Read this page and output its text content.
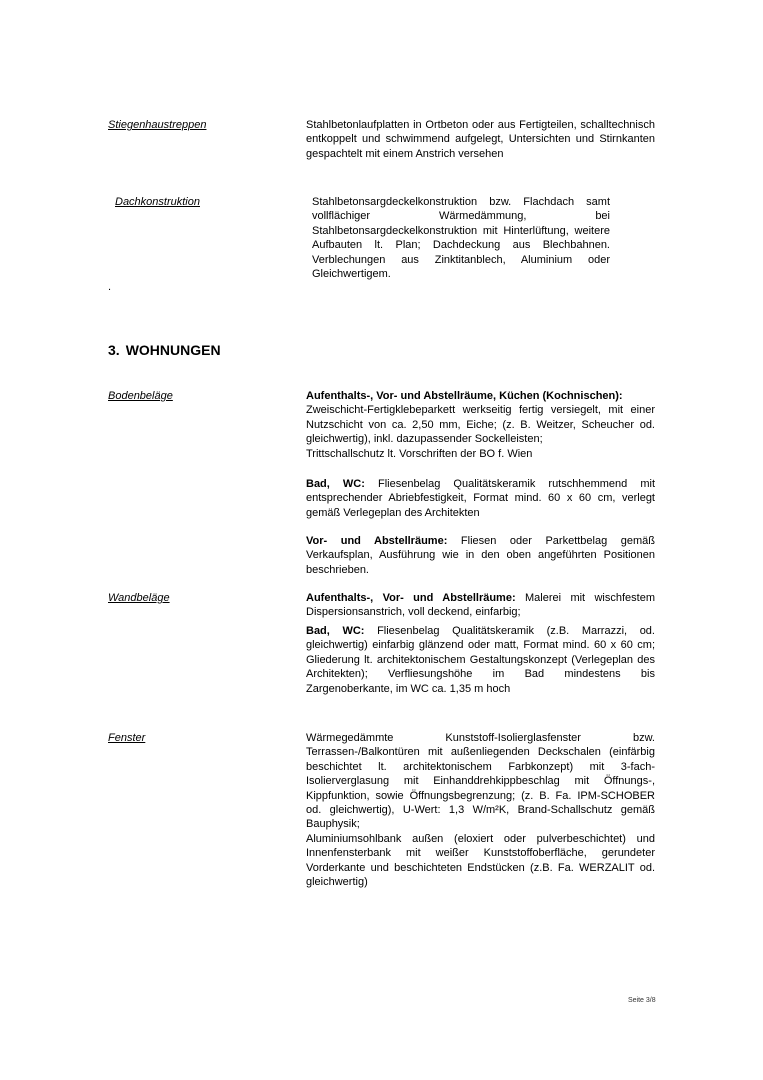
Stiegenhaustreppen	Stahlbetonlaufplatten in Ortbeton oder aus Fertigteilen, schalltechnisch entkoppelt und schwimmend aufgelegt, Untersichten und Stirnkanten gespachtelt mit einem Anstrich versehen
Dachkonstruktion	Stahlbetonsargdeckelkonstruktion bzw. Flachdach samt vollflächiger Wärmedämmung, bei Stahlbetonsargdeckelkonstruktion mit Hinterlüftung, weitere Aufbauten lt. Plan; Dachdeckung aus Blechbahnen. Verblechungen aus Zinktitanblech, Aluminium oder Gleichwertigem.
.
3. WOHNUNGEN
Bodenbeläge	Aufenthalts-, Vor- und Abstellräume, Küchen (Kochnischen):
Zweischicht-Fertigklebeparkett werkseitig fertig versiegelt, mit einer Nutzschicht von ca. 2,50 mm, Eiche; (z. B. Weitzer, Scheucher od. gleichwertig), inkl. dazupassender Sockelleisten;
Trittschallschutz lt. Vorschriften der BO f. Wien
Bad, WC: Fliesenbelag Qualitätskeramik rutschhemmend mit entsprechender Abriebfestigkeit, Format mind. 60 x 60 cm, verlegt gemäß Verlegeplan des Architekten
Vor- und Abstellräume: Fliesen oder Parkettbelag gemäß Verkaufsplan, Ausführung wie in den oben angeführten Positionen beschrieben.
Wandbeläge	Aufenthalts-, Vor- und Abstellräume: Malerei mit wischfestem Dispersionsanstrich, voll deckend, einfarbig;
Bad, WC: Fliesenbelag Qualitätskeramik (z.B. Marrazzi, od. gleichwertig) einfarbig glänzend oder matt, Format mind. 60 x 60 cm; Gliederung lt. architektonischem Gestaltungskonzept (Verlegeplan des Architekten); Verfliesungshöhe im Bad mindestens bis Zargenoberkante, im WC ca. 1,35 m hoch
Fenster	Wärmegedämmte Kunststoff-Isolierglasfenster bzw. Terrassen-/Balkontüren mit außenliegenden Deckschalen (einfärbig beschichtet lt. architektonischem Farbkonzept) mit 3-fach-Isolierverglasung mit Einhanddrehkippbeschlag mit Öffnungs-, Kippfunktion, sowie Öffnungsbegrenzung; (z. B. Fa. IPM-SCHOBER od. gleichwertig), U-Wert: 1,3 W/m²K, Brand-Schallschutz gemäß Bauphysik;
Aluminiumsohlbank außen (eloxiert oder pulverbeschichtet) und Innenfensterbank mit weißer Kunststoffoberfläche, gerundeter Vorderkante und beschichteten Endstücken (z.B. Fa. WERZALIT od. gleichwertig)
Seite 3/8
